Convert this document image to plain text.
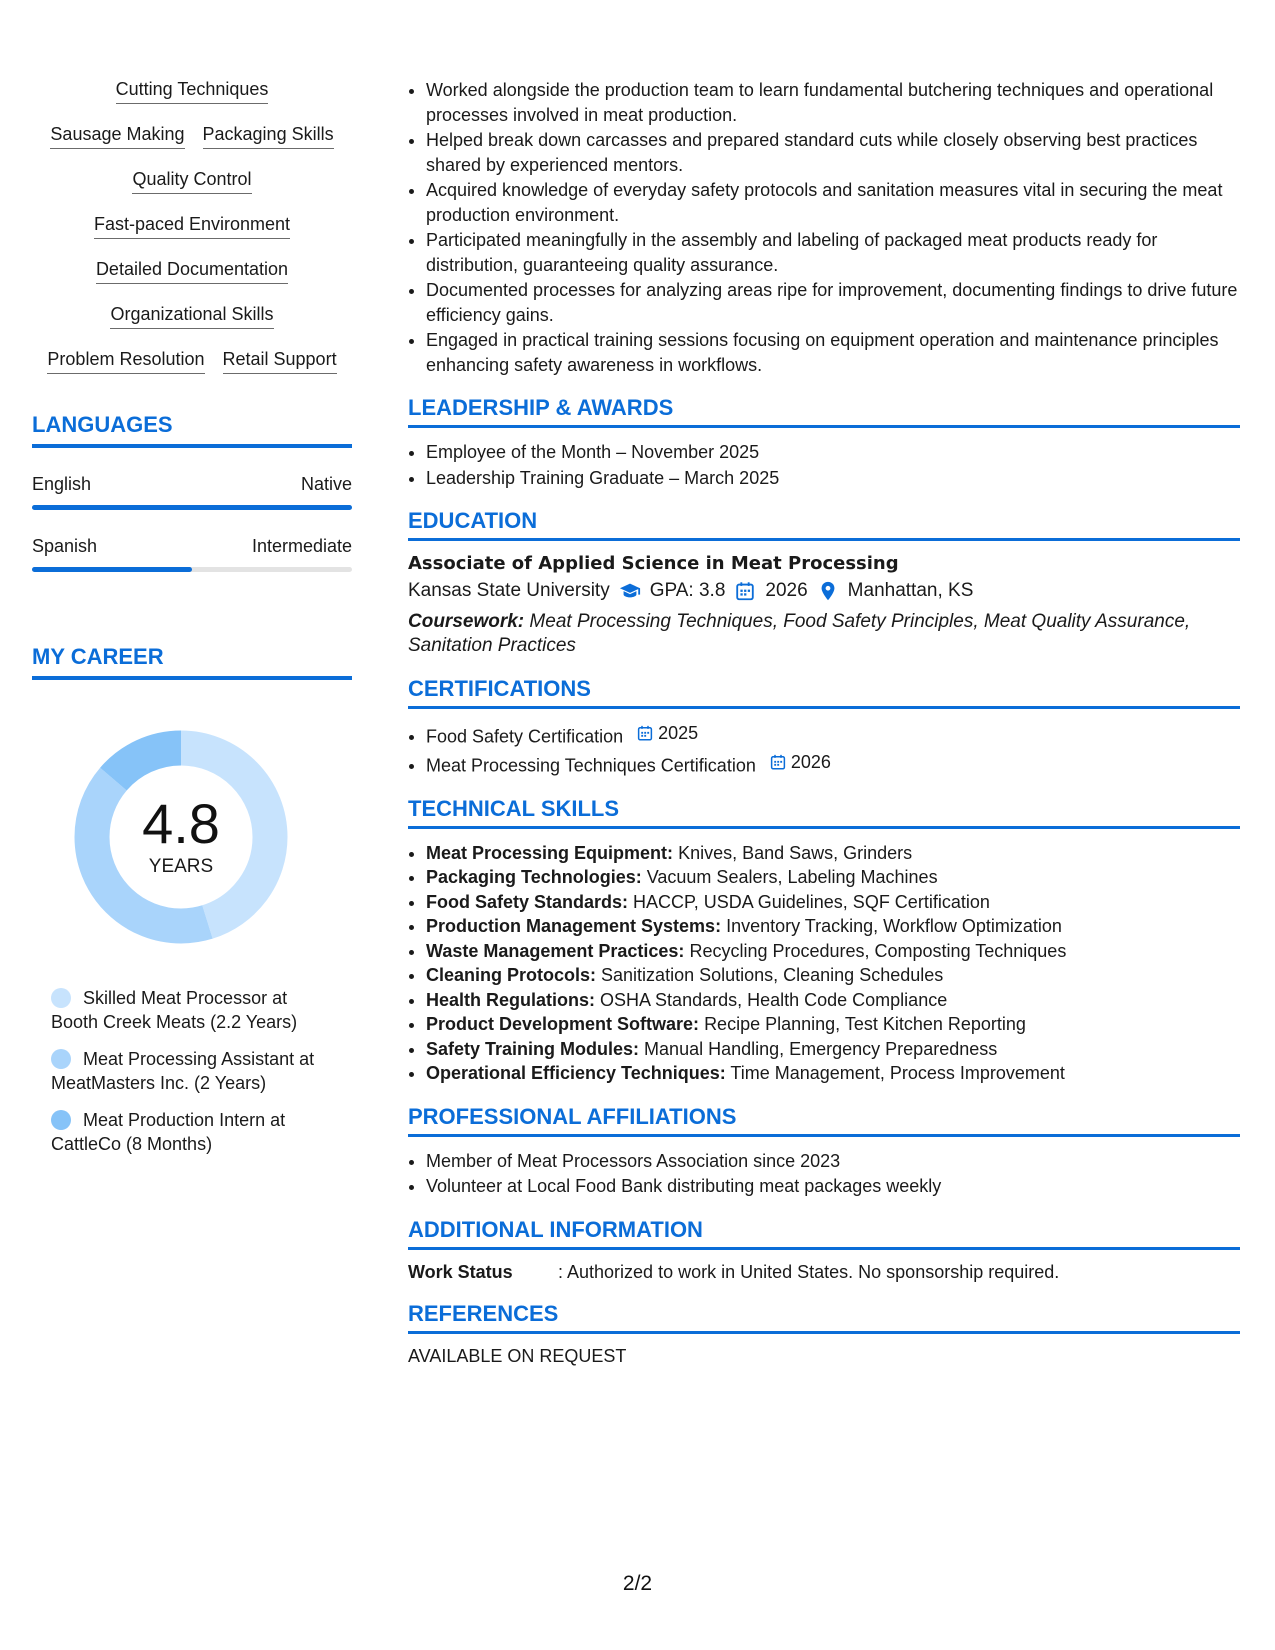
Cutting Techniques
Sausage Making Packaging Skills
Quality Control
Fast-paced Environment
Detailed Documentation
Organizational Skills
Problem Resolution Retail Support
LANGUAGES
English	Native
Spanish	Intermediate
MY CAREER
4.8
YEARS
Skilled Meat Processor at Booth Creek Meats (2.2 Years)
Meat Processing Assistant at MeatMasters Inc. (2 Years)
Meat Production Intern at CattleCo (8 Months)
• Worked alongside the production team to learn fundamental butchering techniques and operational processes involved in meat production.
• Helped break down carcasses and prepared standard cuts while closely observing best practices shared by experienced mentors.
• Acquired knowledge of everyday safety protocols and sanitation measures vital in securing the meat production environment.
• Participated meaningfully in the assembly and labeling of packaged meat products ready for distribution, guaranteeing quality assurance.
• Documented processes for analyzing areas ripe for improvement, documenting findings to drive future efficiency gains.
• Engaged in practical training sessions focusing on equipment operation and maintenance principles enhancing safety awareness in workflows.
LEADERSHIP & AWARDS
• Employee of the Month – November 2025
• Leadership Training Graduate – March 2025
EDUCATION
Associate of Applied Science in Meat Processing
Kansas State University GPA: 3.8 2026 Manhattan, KS
Coursework: Meat Processing Techniques, Food Safety Principles, Meat Quality Assurance, Sanitation Practices
CERTIFICATIONS
• Food Safety Certification 2025
• Meat Processing Techniques Certification 2026
TECHNICAL SKILLS
• Meat Processing Equipment: Knives, Band Saws, Grinders
• Packaging Technologies: Vacuum Sealers, Labeling Machines
• Food Safety Standards: HACCP, USDA Guidelines, SQF Certification
• Production Management Systems: Inventory Tracking, Workflow Optimization
• Waste Management Practices: Recycling Procedures, Composting Techniques
• Cleaning Protocols: Sanitization Solutions, Cleaning Schedules
• Health Regulations: OSHA Standards, Health Code Compliance
• Product Development Software: Recipe Planning, Test Kitchen Reporting
• Safety Training Modules: Manual Handling, Emergency Preparedness
• Operational Efficiency Techniques: Time Management, Process Improvement
PROFESSIONAL AFFILIATIONS
• Member of Meat Processors Association since 2023
• Volunteer at Local Food Bank distributing meat packages weekly
ADDITIONAL INFORMATION
Work Status	: Authorized to work in United States. No sponsorship required.
REFERENCES
AVAILABLE ON REQUEST
2/2
